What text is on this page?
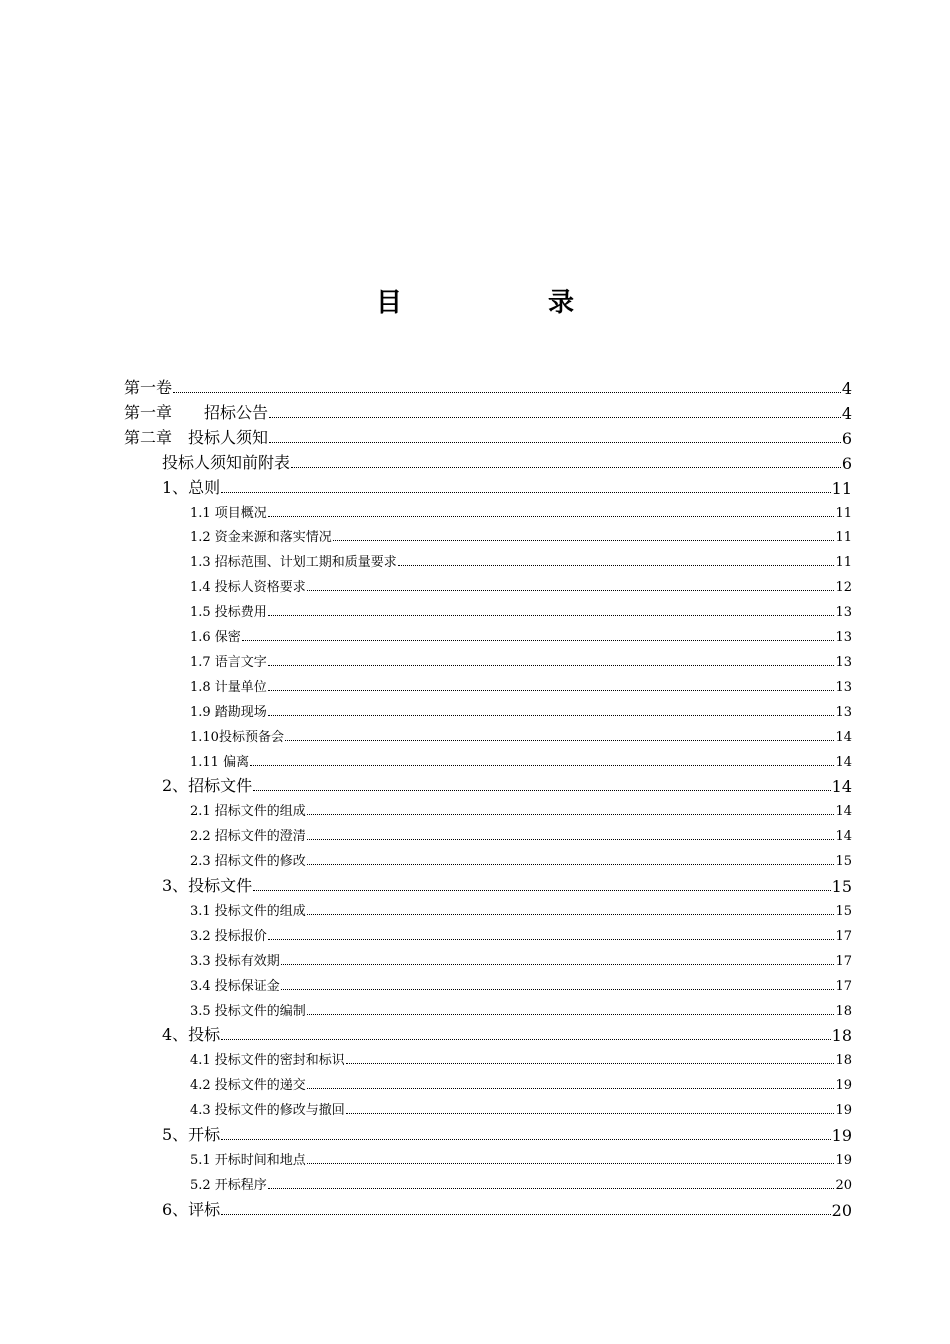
目　录
第一卷	4
第一章　　招标公告	4
第二章　投标人须知	6
投标人须知前附表	6
1、总则	11
1.1 项目概况	11
1.2 资金来源和落实情况	11
1.3 招标范围、计划工期和质量要求	11
1.4 投标人资格要求	12
1.5 投标费用	13
1.6 保密	13
1.7 语言文字	13
1.8 计量单位	13
1.9 踏勘现场	13
1.10投标预备会	14
1.11 偏离	14
2、招标文件	14
2.1 招标文件的组成	14
2.2 招标文件的澄清	14
2.3 招标文件的修改	15
3、投标文件	15
3.1 投标文件的组成	15
3.2 投标报价	17
3.3 投标有效期	17
3.4 投标保证金	17
3.5 投标文件的编制	18
4、投标	18
4.1 投标文件的密封和标识	18
4.2 投标文件的递交	19
4.3 投标文件的修改与撤回	19
5、开标	19
5.1 开标时间和地点	19
5.2 开标程序	20
6、评标	20
